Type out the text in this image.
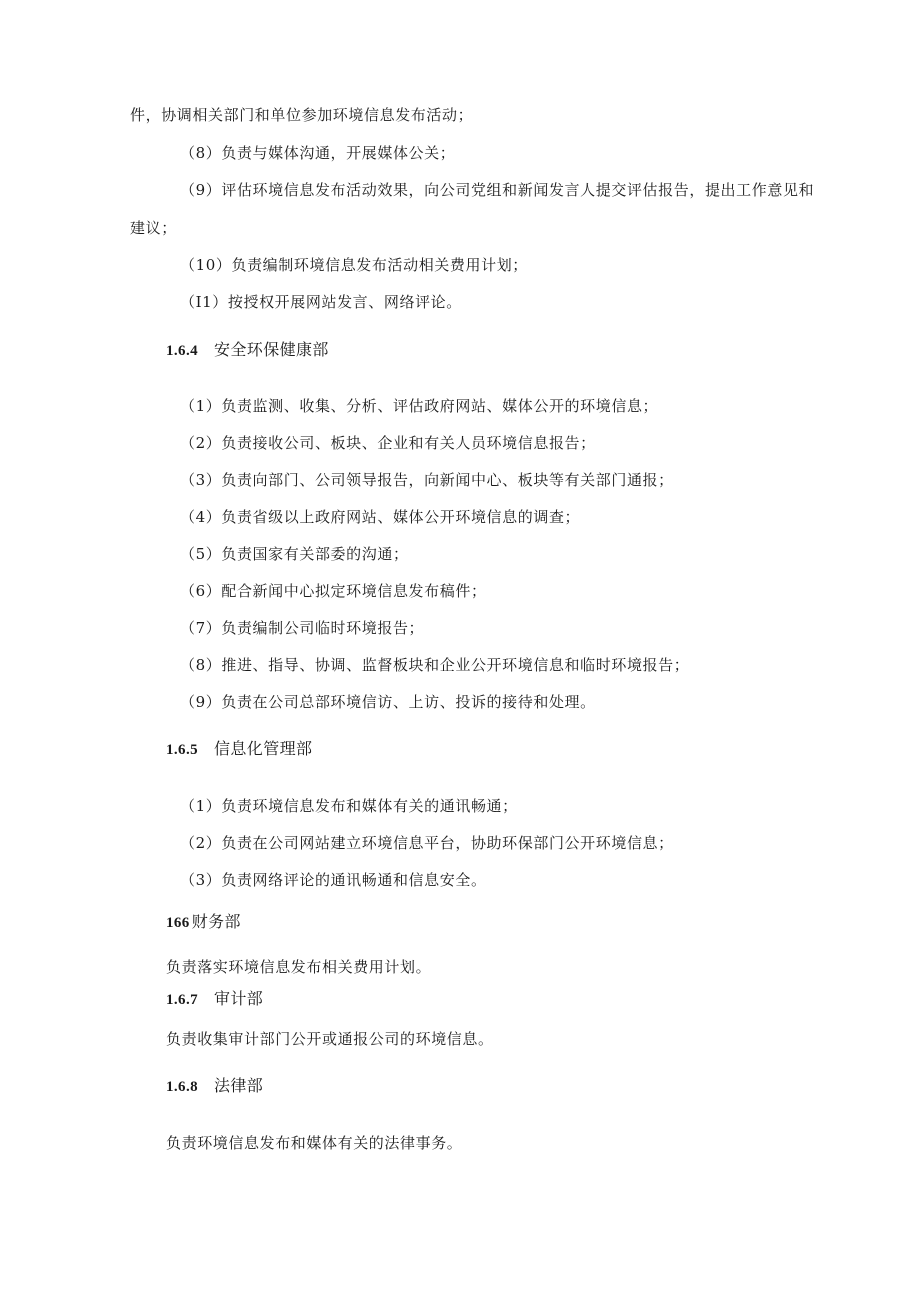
件，协调相关部门和单位参加环境信息发布活动；
（8）负责与媒体沟通，开展媒体公关；
（9）评估环境信息发布活动效果，向公司党组和新闻发言人提交评估报告，提出工作意见和
建议；
（10）负责编制环境信息发布活动相关费用计划；
（I1）按授权开展网站发言、网络评论。
1.6.4 安全环保健康部
（1）负责监测、收集、分析、评估政府网站、媒体公开的环境信息；
（2）负责接收公司、板块、企业和有关人员环境信息报告；
（3）负责向部门、公司领导报告，向新闻中心、板块等有关部门通报；
（4）负责省级以上政府网站、媒体公开环境信息的调查；
（5）负责国家有关部委的沟通；
（6）配合新闻中心拟定环境信息发布稿件；
（7）负责编制公司临时环境报告；
（8）推进、指导、协调、监督板块和企业公开环境信息和临时环境报告；
（9）负责在公司总部环境信访、上访、投诉的接待和处理。
1.6.5 信息化管理部
（1）负责环境信息发布和媒体有关的通讯畅通；
（2）负责在公司网站建立环境信息平台，协助环保部门公开环境信息；
（3）负责网络评论的通讯畅通和信息安全。
166 财务部
负责落实环境信息发布相关费用计划。
1.6.7 审计部
负责收集审计部门公开或通报公司的环境信息。
1.6.8 法律部
负责环境信息发布和媒体有关的法律事务。
